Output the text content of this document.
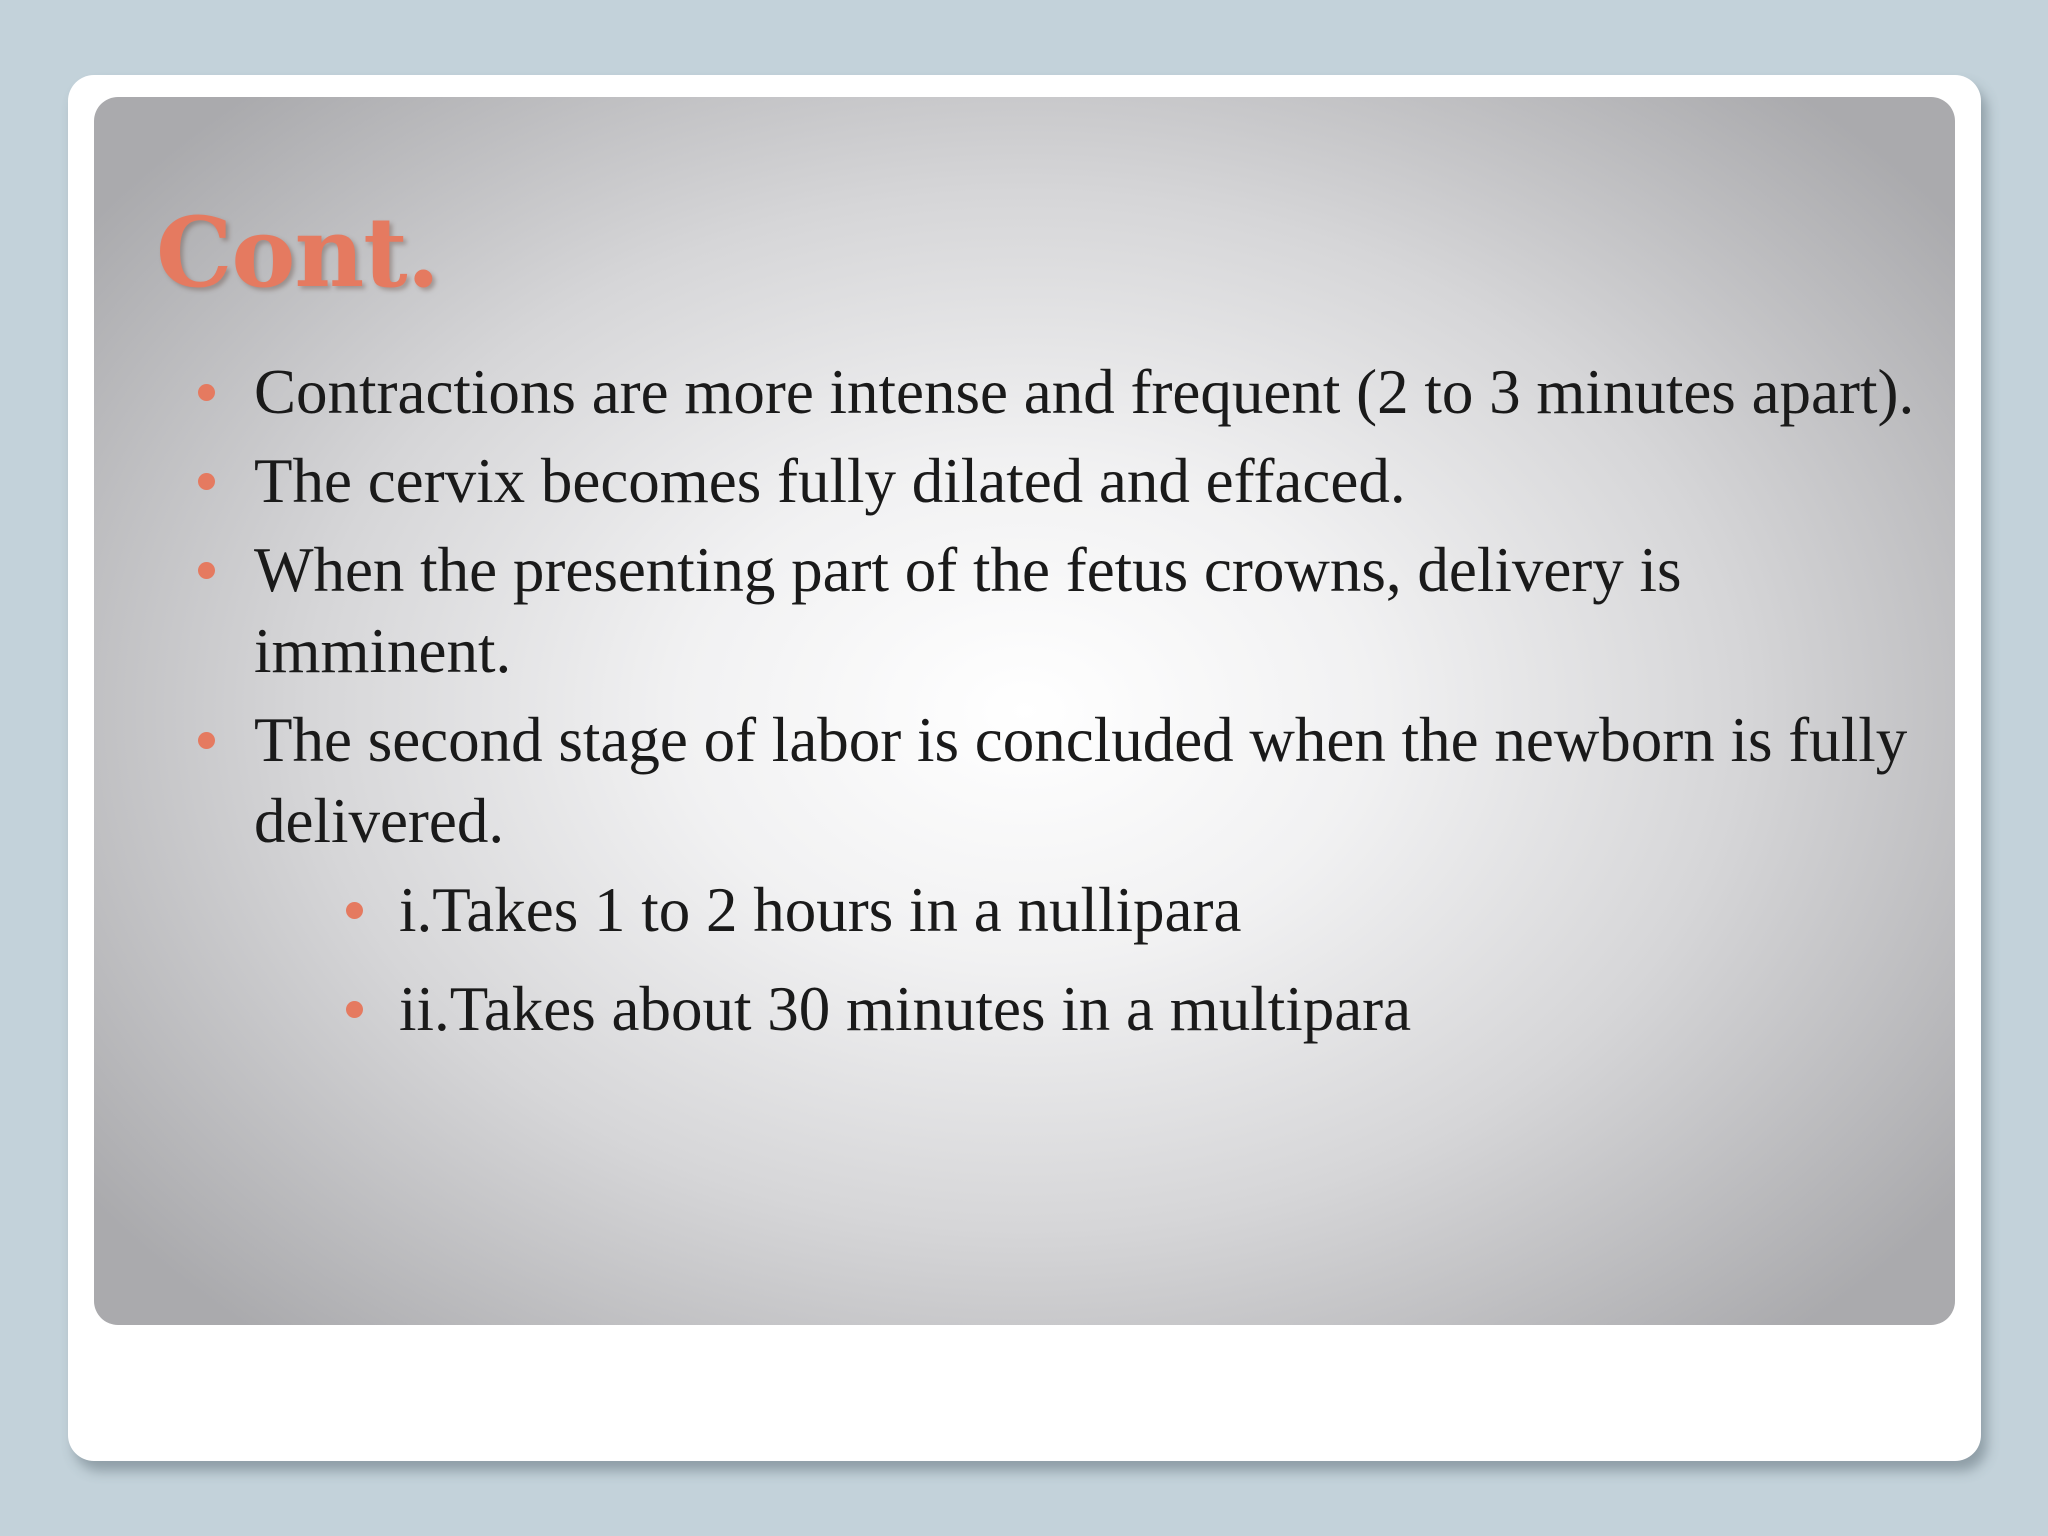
Cont.
Contractions are more intense and frequent (2 to 3 minutes apart).
The cervix becomes fully dilated and effaced.
When the presenting part of the fetus crowns, delivery is imminent.
The second stage of labor is concluded when the newborn is fully delivered.
i.Takes 1 to 2 hours in a nullipara
ii.Takes about 30 minutes in a multipara
